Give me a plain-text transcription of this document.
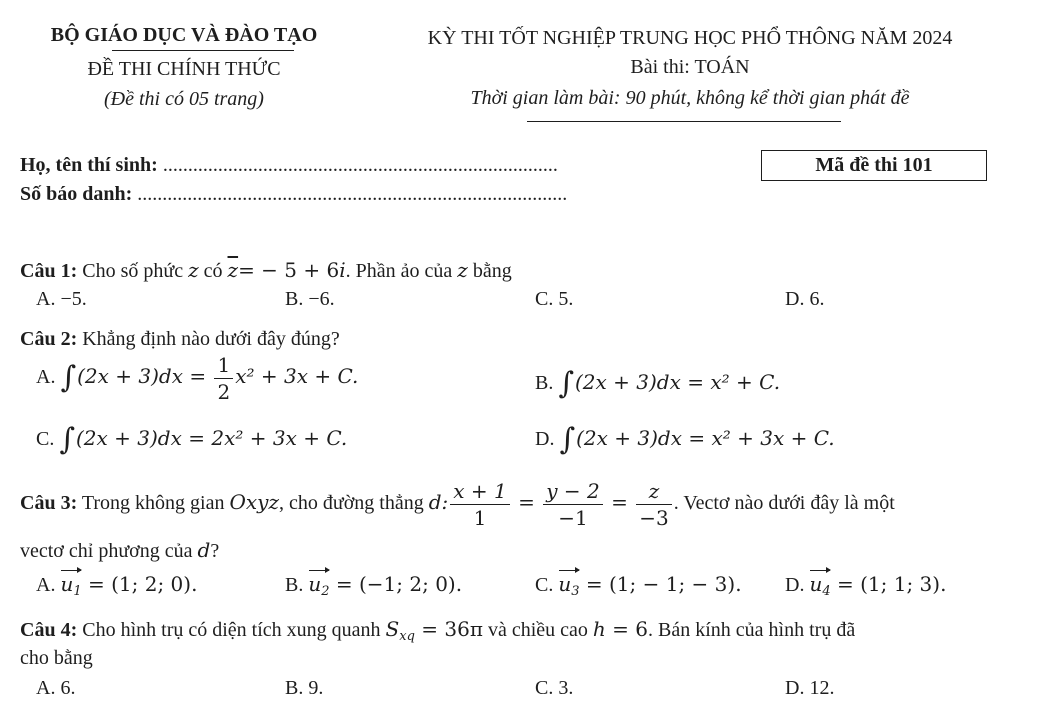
BỘ GIÁO DỤC VÀ ĐÀO TẠO
ĐỀ THI CHÍNH THỨC
(Đề thi có 05 trang)
KỲ THI TỐT NGHIỆP TRUNG HỌC PHỔ THÔNG NĂM 2024
Bài thi: TOÁN
Thời gian làm bài: 90 phút, không kể thời gian phát đề
Họ, tên thí sinh: ...............................................................................
Số báo danh: ......................................................................................
Mã đề thi 101
Câu 1: Cho số phức z có $\overline{z}= - 5 + 6i$. Phần ảo của z bằng
A. −5.	B. −6.	C. 5.	D. 6.
Câu 2: Khẳng định nào dưới đây đúng?
A. $\int(2x + 3)dx = \frac{1}{2} x^2 + 3x + C$.	B. ∫(2x + 3)dx = x² + C.
C. ∫(2x + 3)dx = 2x² + 3x + C.	D. ∫(2x + 3)dx = x² + 3x + C.
Câu 3: Trong không gian Oxyz, cho đường thẳng d: $\frac{x + 1}{1} = \frac{y - 2}{-1} = \frac{z}{-3}$ . Vectơ nào dưới đây là một
vectơ chỉ phương của d?
A. $u_1 = (1$; 2; 0).	B. $u_2 = (-1$; 2; 0).	C. $u_3 = (1$; − 1; − 3). D. $u_4 = (1$; 1; 3).
Câu 4: Cho hình trụ có diện tích xung quanh $S_{xq} = 36\pi$ và chiều cao h = 6. Bán kính của hình trụ đã
cho bằng
A. 6.	B. 9.	C. 3.	D. 12.
